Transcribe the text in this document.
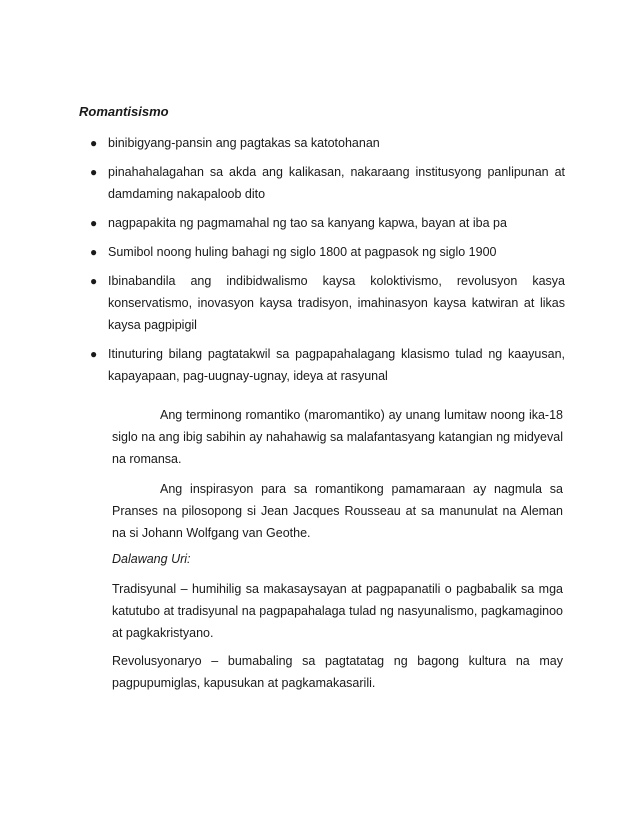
Romantisismo
● binibigyang-pansin ang pagtakas sa katotohanan
● pinahahalagahan sa akda ang kalikasan, nakaraang institusyong panlipunan at damdaming nakapaloob dito
● nagpapakita ng pagmamahal ng tao sa kanyang kapwa, bayan at iba pa
● Sumibol noong huling bahagi ng siglo 1800 at pagpasok ng siglo 1900
● Ibinabandila ang indibidwalismo kaysa koloktivismo, revolusyon kasya konservatismo, inovasyon kaysa tradisyon, imahinasyon kaysa katwiran at likas kaysa pagpipigil
● Itinuturing bilang pagtatakwil sa pagpapahalagang klasismo tulad ng kaayusan, kapayapaan, pag-uugnay-ugnay, ideya at rasyunal

Ang terminong romantiko (maromantiko) ay unang lumitaw noong ika-18 siglo na ang ibig sabihin ay nahahawig sa malafantasyang katangian ng midyeval na romansa.

Ang inspirasyon para sa romantikong pamamaraan ay nagmula sa Pranses na pilosopong si Jean Jacques Rousseau at sa manunulat na Aleman na si Johann Wolfgang van Geothe.

Dalawang Uri:

Tradisyunal – humihilig sa makasaysayan at pagpapanatili o pagbabalik sa mga katutubo at tradisyunal na pagpapahalaga tulad ng nasyunalismo, pagkamaginoo at pagkakristyano.

Revolusyonaryo – bumabaling sa pagtatatag ng bagong kultura na may pagpupumiglas, kapusukan at pagkamakasarili.
